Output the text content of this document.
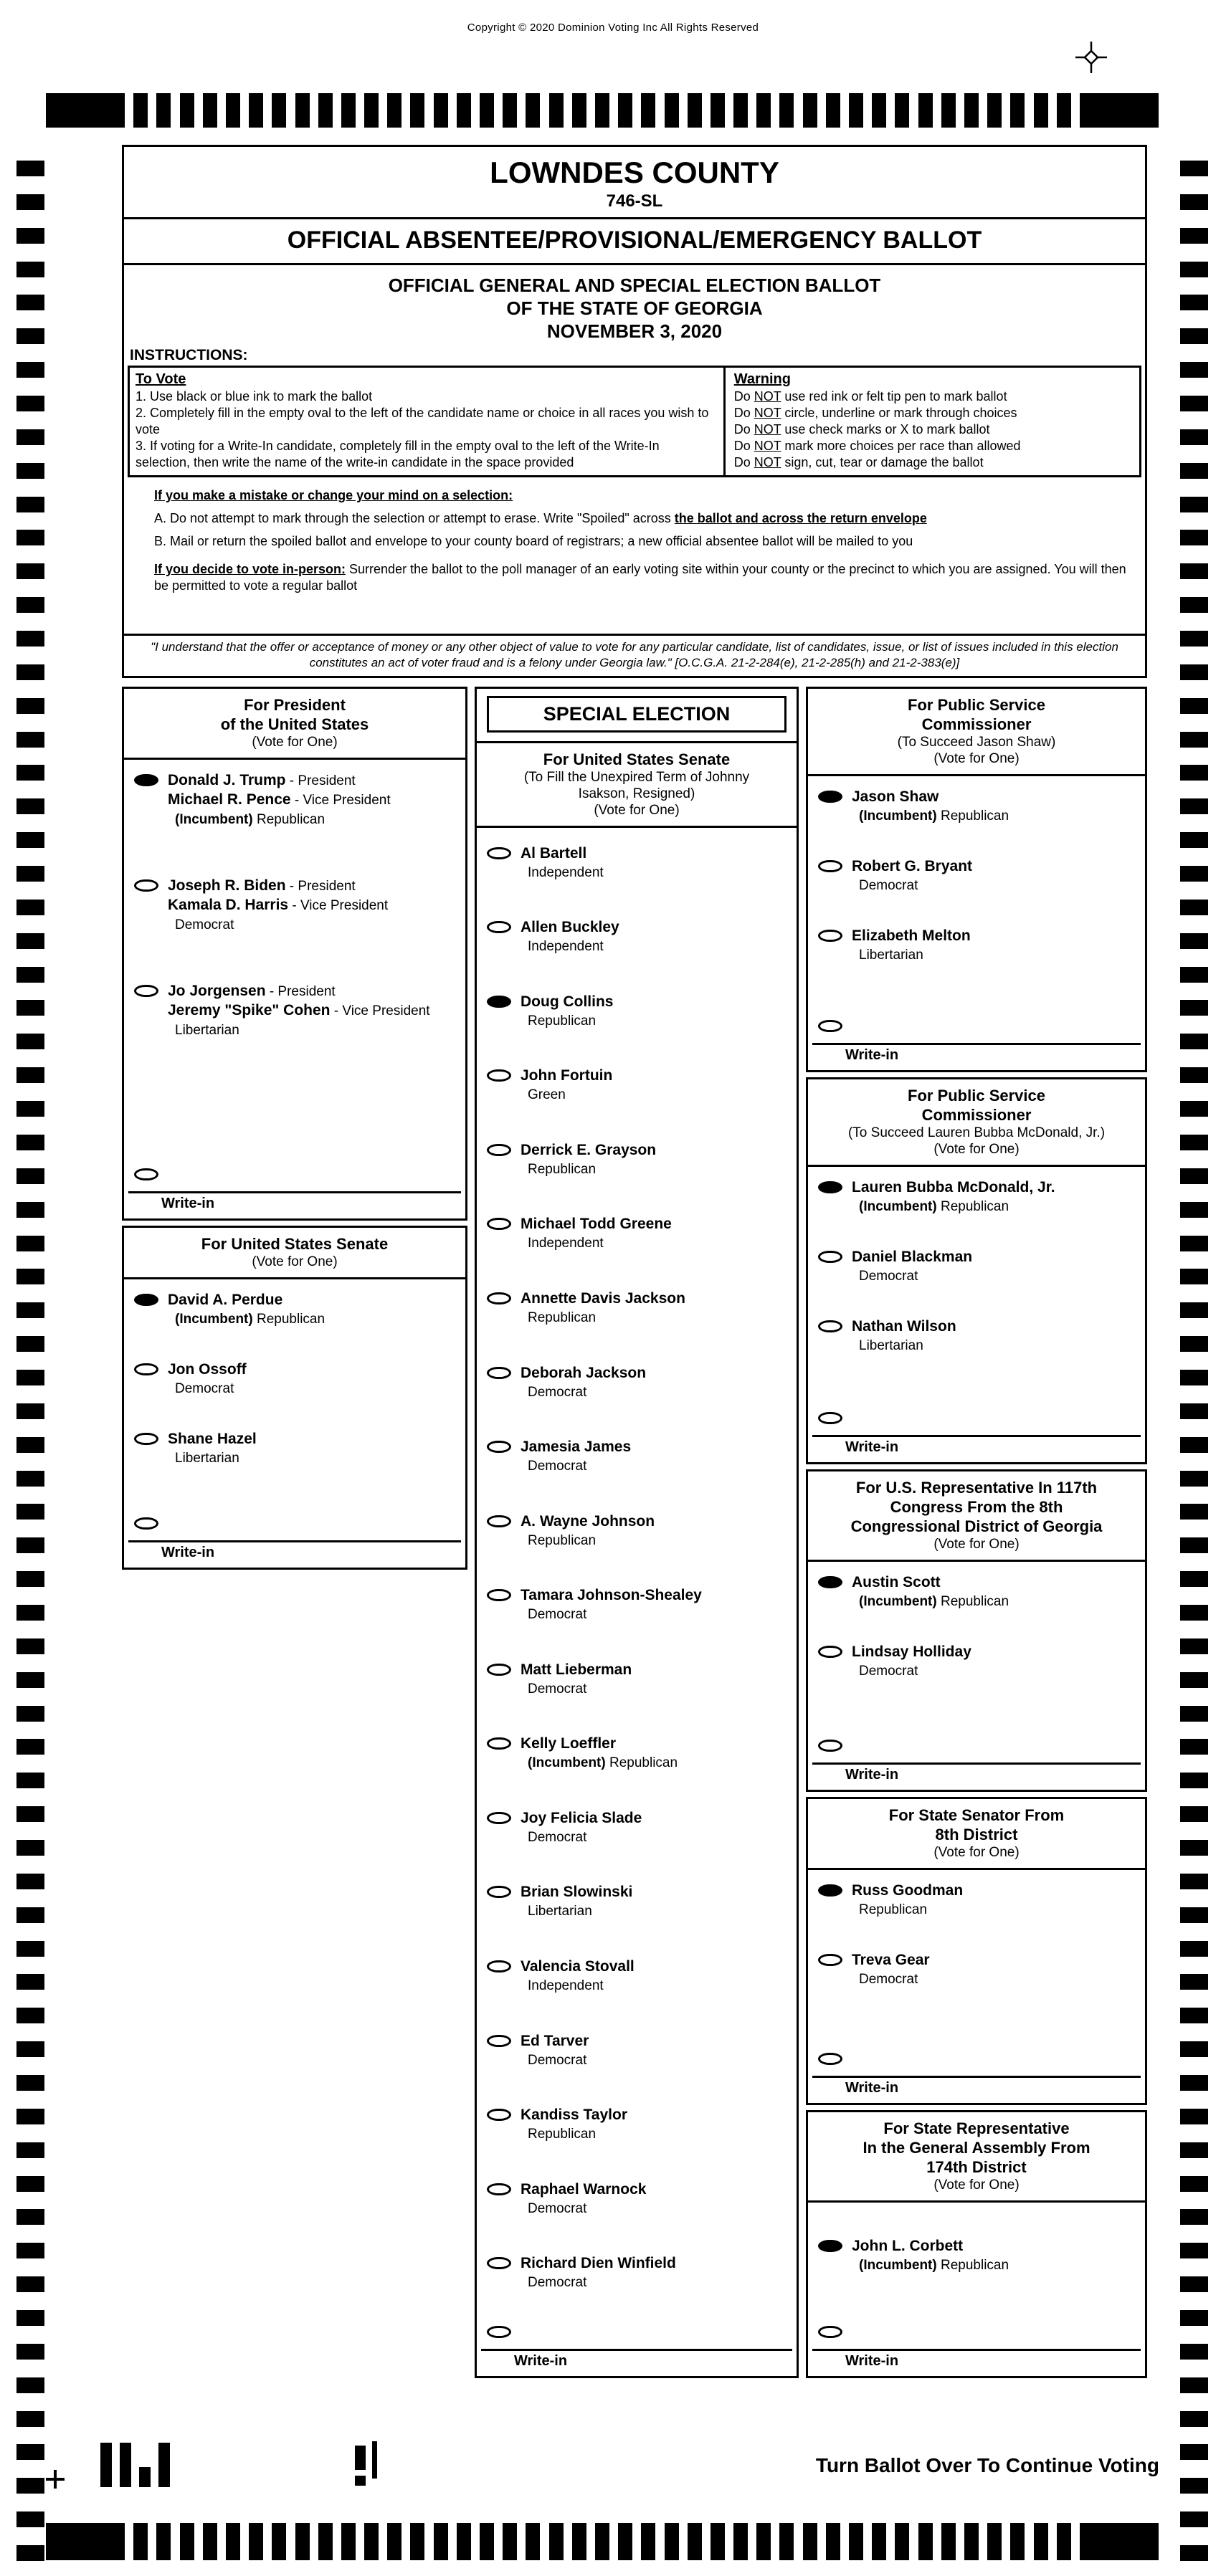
Copyright © 2020 Dominion Voting Inc All Rights Reserved
LOWNDES COUNTY
746-SL
OFFICIAL ABSENTEE/PROVISIONAL/EMERGENCY BALLOT
OFFICIAL GENERAL AND SPECIAL ELECTION BALLOT
OF THE STATE OF GEORGIA
NOVEMBER 3, 2020
INSTRUCTIONS:
To Vote
1. Use black or blue ink to mark the ballot
2. Completely fill in the empty oval to the left of the candidate name or choice in all races you wish to vote
3. If voting for a Write-In candidate, completely fill in the empty oval to the left of the Write-In selection, then write the name of the write-in candidate in the space provided
Warning
Do NOT use red ink or felt tip pen to mark ballot
Do NOT circle, underline or mark through choices
Do NOT use check marks or X to mark ballot
Do NOT mark more choices per race than allowed
Do NOT sign, cut, tear or damage the ballot
If you make a mistake or change your mind on a selection:
A. Do not attempt to mark through the selection or attempt to erase. Write "Spoiled" across the ballot and across the return envelope
B. Mail or return the spoiled ballot and envelope to your county board of registrars; a new official absentee ballot will be mailed to you
If you decide to vote in-person: Surrender the ballot to the poll manager of an early voting site within your county or the precinct to which you are assigned. You will then be permitted to vote a regular ballot
"I understand that the offer or acceptance of money or any other object of value to vote for any particular candidate, list of candidates, issue, or list of issues included in this election constitutes an act of voter fraud and is a felony under Georgia law." [O.C.G.A. 21-2-284(e), 21-2-285(h) and 21-2-383(e)]
For President
of the United States
(Vote for One)
Donald J. Trump - President
Michael R. Pence - Vice President
(Incumbent) Republican
Joseph R. Biden - President
Kamala D. Harris - Vice President
Democrat
Jo Jorgensen - President
Jeremy "Spike" Cohen - Vice President
Libertarian
Write-in
For United States Senate
(Vote for One)
David A. Perdue
(Incumbent) Republican
Jon Ossoff
Democrat
Shane Hazel
Libertarian
Write-in
SPECIAL ELECTION
For United States Senate
(To Fill the Unexpired Term of Johnny
Isakson, Resigned)
(Vote for One)
Al Bartell
Independent
Allen Buckley
Independent
Doug Collins
Republican
John Fortuin
Green
Derrick E. Grayson
Republican
Michael Todd Greene
Independent
Annette Davis Jackson
Republican
Deborah Jackson
Democrat
Jamesia James
Democrat
A. Wayne Johnson
Republican
Tamara Johnson-Shealey
Democrat
Matt Lieberman
Democrat
Kelly Loeffler
(Incumbent) Republican
Joy Felicia Slade
Democrat
Brian Slowinski
Libertarian
Valencia Stovall
Independent
Ed Tarver
Democrat
Kandiss Taylor
Republican
Raphael Warnock
Democrat
Richard Dien Winfield
Democrat
Write-in
For Public Service
Commissioner
(To Succeed Jason Shaw)
(Vote for One)
Jason Shaw
(Incumbent) Republican
Robert G. Bryant
Democrat
Elizabeth Melton
Libertarian
Write-in
For Public Service
Commissioner
(To Succeed Lauren Bubba McDonald, Jr.)
(Vote for One)
Lauren Bubba McDonald, Jr.
(Incumbent) Republican
Daniel Blackman
Democrat
Nathan Wilson
Libertarian
Write-in
For U.S. Representative In 117th
Congress From the 8th
Congressional District of Georgia
(Vote for One)
Austin Scott
(Incumbent) Republican
Lindsay Holliday
Democrat
Write-in
For State Senator From
8th District
(Vote for One)
Russ Goodman
Republican
Treva Gear
Democrat
Write-in
For State Representative
In the General Assembly From
174th District
(Vote for One)
John L. Corbett
(Incumbent) Republican
Write-in
Turn Ballot Over To Continue Voting
